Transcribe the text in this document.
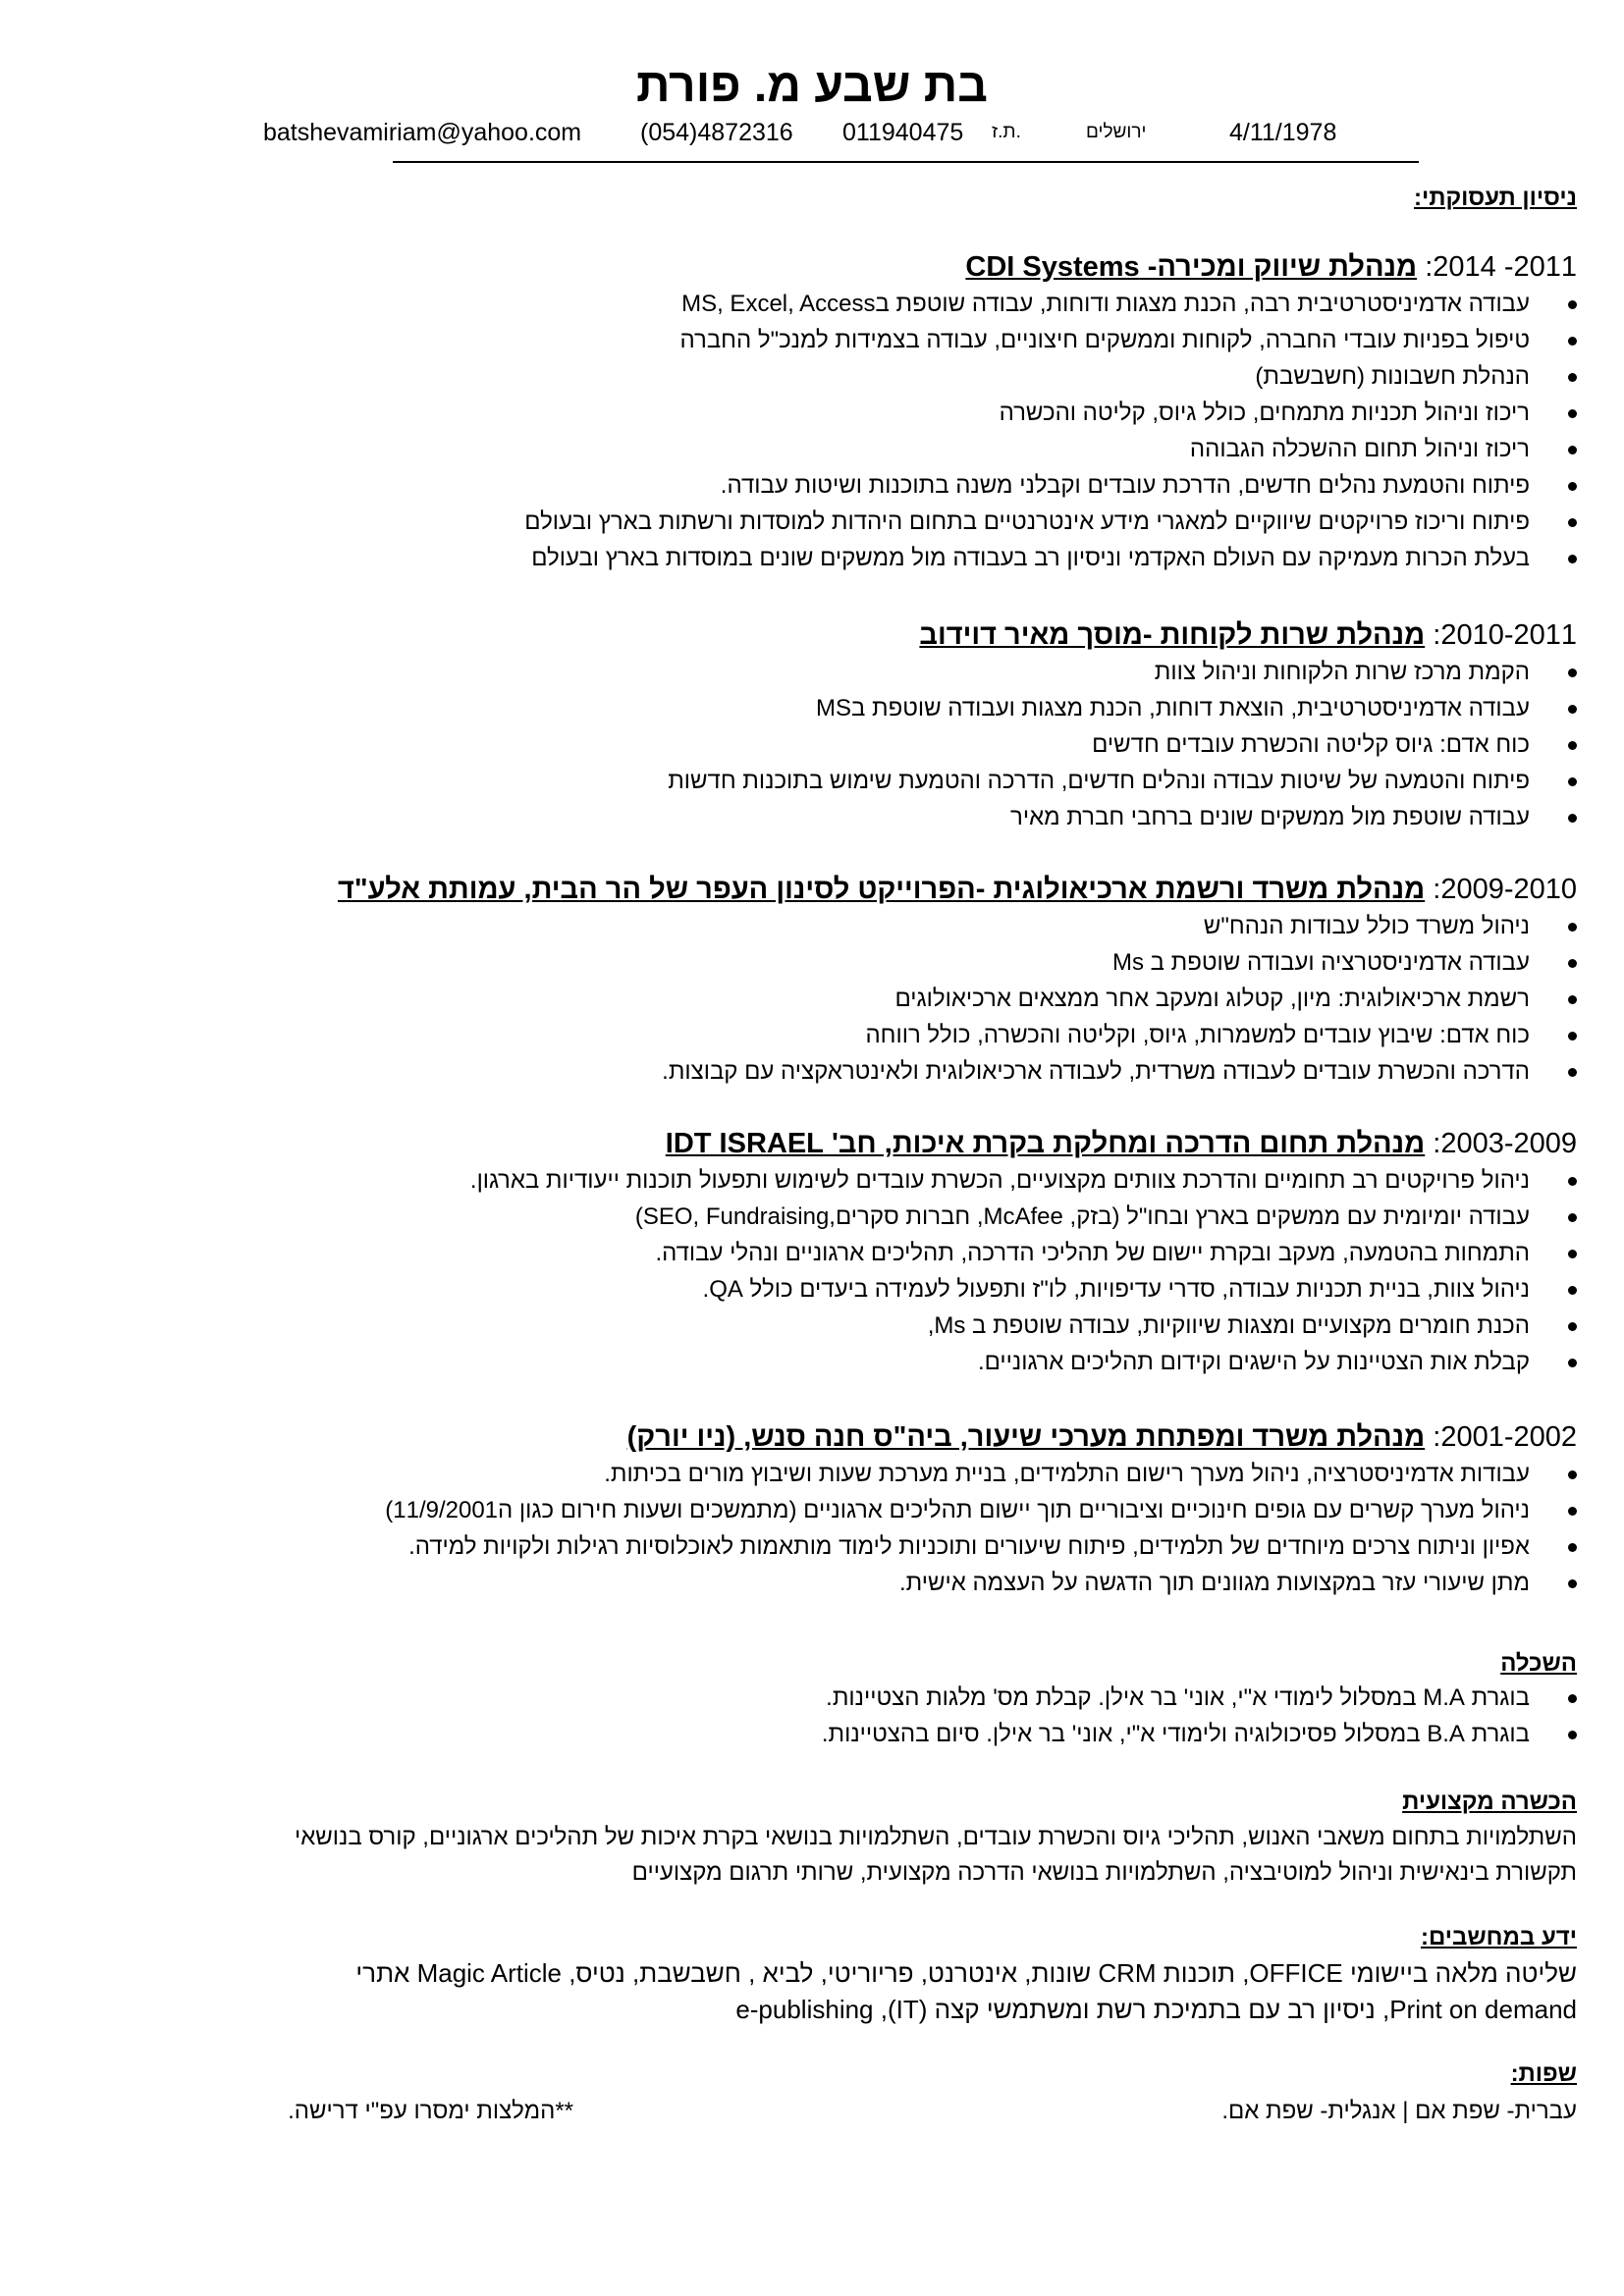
בת שבע מ. פורת
batshevamiriam@yahoo.com (054)4872316 011940475 ת.ז.	ירושלים	4/11/1978
ניסיון תעסוקתי:
2011- 2014: מנהלת שיווק ומכירה- CDI Systems
עבודה אדמיניסטרטיבית רבה, הכנת מצגות ודוחות, עבודה שוטפת בMS, Excel, Access
טיפול בפניות עובדי החברה, לקוחות וממשקים חיצוניים, עבודה בצמידות למנכ"ל החברה
הנהלת חשבונות (חשבשבת)
ריכוז וניהול תכניות מתמחים, כולל גיוס, קליטה והכשרה
ריכוז וניהול תחום ההשכלה הגבוהה
פיתוח והטמעת נהלים חדשים, הדרכת עובדים וקבלני משנה בתוכנות ושיטות עבודה.
פיתוח וריכוז פרויקטים שיווקיים למאגרי מידע אינטרנטיים בתחום היהדות למוסדות ורשתות בארץ ובעולם
בעלת הכרות מעמיקה עם העולם האקדמי וניסיון רב בעבודה מול ממשקים שונים במוסדות בארץ ובעולם
2010-2011: מנהלת שרות לקוחות -מוסך מאיר דוידוב
הקמת מרכז שרות הלקוחות וניהול צוות
עבודה אדמיניסטרטיבית, הוצאת דוחות, הכנת מצגות ועבודה שוטפת בMS
כוח אדם: גיוס קליטה והכשרת עובדים חדשים
פיתוח והטמעה של שיטות עבודה ונהלים חדשים, הדרכה והטמעת שימוש בתוכנות חדשות
עבודה שוטפת מול ממשקים שונים ברחבי חברת מאיר
2009-2010: מנהלת משרד ורשמת ארכיאולוגית -הפרוייקט לסינון העפר של הר הבית, עמותת אלע"ד
ניהול משרד כולל עבודות הנהח"ש
עבודה אדמיניסטרציה ועבודה שוטפת ב Ms
רשמת ארכיאולוגית: מיון, קטלוג ומעקב אחר ממצאים ארכיאולוגים
כוח אדם: שיבוץ עובדים למשמרות, גיוס, וקליטה והכשרה, כולל רווחה
הדרכה והכשרת עובדים לעבודה משרדית, לעבודה ארכיאולוגית ולאינטראקציה עם קבוצות.
2003-2009: מנהלת תחום הדרכה ומחלקת בקרת איכות, חב' IDT ISRAEL
ניהול פרויקטים רב תחומיים והדרכת צוותים מקצועיים, הכשרת עובדים לשימוש ותפעול תוכנות ייעודיות בארגון.
עבודה יומיומית עם ממשקים בארץ ובחו"ל (בזק, McAfee, חברות סקרים,SEO, Fundraising)
התמחות בהטמעה, מעקב ובקרת יישום של תהליכי הדרכה, תהליכים ארגוניים ונהלי עבודה.
ניהול צוות, בניית תכניות עבודה, סדרי עדיפויות, לו"ז ותפעול לעמידה ביעדים כולל QA.
הכנת חומרים מקצועיים ומצגות שיווקיות, עבודה שוטפת ב Ms,
קבלת אות הצטיינות על הישגים וקידום תהליכים ארגוניים.
2001-2002: מנהלת משרד ומפתחת מערכי שיעור, ביה"ס חנה סנש, (ניו יורק)
עבודות אדמיניסטרציה, ניהול מערך רישום התלמידים, בניית מערכת שעות ושיבוץ מורים בכיתות.
ניהול מערך קשרים עם גופים חינוכיים וציבוריים תוך יישום תהליכים ארגוניים (מתמשכים ושעות חירום כגון ה11/9/2001)
אפיון וניתוח צרכים מיוחדים של תלמידים, פיתוח שיעורים ותוכניות לימוד מותאמות לאוכלוסיות רגילות ולקויות למידה.
מתן שיעורי עזר במקצועות מגוונים תוך הדגשה על העצמה אישית.
השכלה
בוגרת M.A במסלול לימודי א"י, אוני' בר אילן. קבלת מס' מלגות הצטיינות.
בוגרת B.A במסלול פסיכולוגיה ולימודי א"י, אוני' בר אילן. סיום בהצטיינות.
הכשרה מקצועית
השתלמויות בתחום משאבי האנוש, תהליכי גיוס והכשרת עובדים, השתלמויות בנושאי בקרת איכות של תהליכים ארגוניים, קורס בנושאי
תקשורת בינאישית וניהול למוטיבציה, השתלמויות בנושאי הדרכה מקצועית, שרותי תרגום מקצועיים
ידע במחשבים:
שליטה מלאה ביישומי OFFICE, תוכנות CRM שונות, אינטרנט, פריוריטי, לביא , חשבשבת, נטיס, Magic Article אתרי
Print on demand, ניסיון רב עם בתמיכת רשת ומשתמשי קצה (IT), e-publishing
שפות:
עברית- שפת אם | אנגלית- שפת אם.
**המלצות ימסרו עפ"י דרישה.
